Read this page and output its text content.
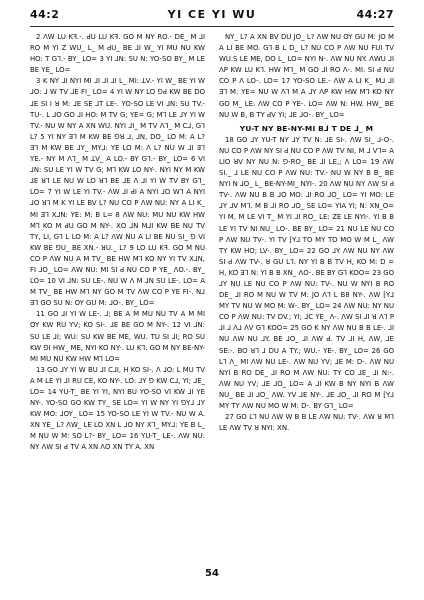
44:2	YI CE YI WU	44:27

2 ꓥW LU Kꟻ.-. ꓒU LU Kꟻ. GO M NY RO.- DE_ M ⅃I RO M YI Z WU_ L_ M ꓒU_ BE ⅃I W_ YI MU NU KW HO: T G⅂.- BY_ LO= 3 YI ⅃N: SU N: YO-SO BY_ M LE BE YE_ LO=

3 K NY ⅃I NYI MI ⅃I ⅃I ⅃I L_ MI: ꓕV.- YI W_ BE YI W ⅃O: ⅃ W TV ⅃E FI_ LO= 4 YI W NY LO ⅁ꓒ KW BE DO ⅃E SI I ꓤ M: ⅃E SE ⅃T LE-. YO-SO LE VI ⅃N: SU TV.- TU-. L ⅃O GO ⅃I HO: M TV G; YE= G; M⅂ LE ⅃Y YI W TV.- NU W NY A XN WU. NYI ⅃I_ M TV ꓥ⅂_ M C⅃, G⅂ L? 5 YI NY ꓱ⅂ M KW BE ⅁ꓤ ⅃, ⅃N, DO_ LO M: A L? ꓱ⅂ M KW BE ⅃Y_ MY⅃: YE LO M: ꓥ L? NU W ⅃I ꓱ⅂ YE.- NY M ꓥ⅂_ M ꓕV_ A LO.- BY G⅂.- BY_ LO= 6 VI ⅃N: SU LE YI W TV G; M⅂ KW LO NY-. NYI NY M KW ⅃E ꓤ⅂ LE NU W LO ꓤ⅂ BE ⅃E ꓥ ⅃I YI W TV BY G⅂_ LO= 7 YI W LE YI TV.- ꓥW ⅃I ꓒI A NYI ⅃O W⅂ A NYI ⅃O ꓤ⅂ M K YI LE BV L? NU CO P ꓥW NU: NY A LI K_ MI ꓱ⅂ X⅃N: YE: M: B L= 8 ꓥW NU: MU NU KW HW M⅂ KO M ꓒU GO M NY-. ꓫO ⅃N M⅃I KW BE NU TV TY, LI, G⅂ L LO M: A L? ꓥW NU A LI BE NU SI_ ⅁ VI KW BE ⅁U_ BE XN.- ꓤU._ L? 9 LO LU Kꟻ. GO M NU CO P ꓥW NU A M TV_ BE HW M⅂ KO NY YI TV X⅃N, FI ⅃O_ LO= ꓥW NU: MI SI ꓒ NU CO P YE_ ꓥO.-. BY_ LO= 10 VI ⅃N: SU LE-. NU W ꓥ M ⅃N SU LE-. LO= A M TV_ BE HW M⅂ NY GO M TV ꓥW CO P YE FI-. N⅃ ꓱ⅂ GO SU N: OY GU M: ⅃O-. BY_ LO=

11 GO ⅃I YI W LE-. ⅃; BE A M MU NU TV A M MI OY KW RU YV; KO SI-. ⅃E BE GO M NY-. 12 VI ⅃N: SU LE ⅃I; WU: SU KW BE ME, WU. TU SI ⅃I; RO SU KW ⅁I HW_ ME, NYI KO NY-. LU K⅂. GO M NY BE-NY-MI MU NU KW HW M⅂ LO=

13 GO ⅃Y YI W BU ⅃I C⅃I, H KO SI-. ꓥ ⅃O: L MU TV A M LE YI ⅃I RU CE, KO NY-. LO: ⅃Y ⅁ KW C⅃, YI; ⅃E_ LO= 14 YU-T_ BE YI YI, NYI BU YO-SO VI KW ⅃I YE NY-. YO-SO GO KW TY_ SE LO= YI W NY YI ⅁Y⅃ ⅃Y KW MO: ⅃OY_ LO= 15 YO-SO LE YI W TV.- NU W A. XN YE_ L? ꓥW_ LE LO XN L ⅃O NY X⅂_ MY⅃: YE B L_ M NU W M: SO L?- BY_ LO= 16 YU-T_ LE-. ꓥW NU: NY ꓥW SI ꓒ TV A XN ꓥO XN TY A. XN

NY_ L? A XN BV DU JO_ L? ꓥW NU OY GU M: JO M A LI BE MO. G⅂ B L D_ L? NU CO P ꓥW NU FUI TV WU.S LE ME, DO L_ LO= NYI N-. ꓥW NU NY. ꓥWU ⅃I ꓥP KW LU K⅂. HW M⅂_ M GO ⅃I RO ꓥ-. MI. SI ꓒ NU CO P ꓥ LO-. LO= 17 YO-SO LE.- ꓥW A LI K_ M⅃ ⅃I ꓱ⅂ M: YE= NU W ꓥ⅂ M A ⅃Y ꓥP KW HW M⅂ KO NY GO M_ LE: ꓥW CO P YE-. LO= ꓥW N: HW. HW_ BE NU W B, B TY ꓒV YI; ⅃E ⅃O-. BY_ LO=

YU-T NY BE-NY-MI B⅃ T DE ⅃_ M

18 GO ⅃Y YU-T NY ⅃Y TV N: ⅃E SI-. ꓥW SI_ ⅃-O-. NU CO P ꓥW NY SI ꓒ NU CO P ꓥW TV NI, M ⅃ V⅂= A LIO ꓤV NY NU N: ⅁-RO_ BE ⅃I LE,; ꓥ LO= 19 ꓥW SI._ ⅃ LE NU CO P ꓥW NU: TV.- NU W NY B B_ BE NYI N ⅃O_ L_ BE-NY-MI_ NYI-. 20 ꓥW NU NY ꓥW SI ꓒ TV-. ꓥW NU B B ⅃O MO: ⅃I RO ⅃O_ LO= YI MO: LE ⅃Y ⅃V M⅂. M B ⅃I RO ⅃O_ SE LO= YIA YI; N: XN_O= YI M, M LE VI T_ M YI ⅃I RO_ LE: ZE LE NYI-. YI B B LE YI TV NI NU_ LO-. BE BY_ LO= 21 NU LE NU CO P ꓥW NU TV-. YI TV ⁅Y⅃ TO MY TO MO W M L_ ꓥW TY KW HO; LV-. BY_ LO= 22 GO ⅃Y ꓥW NU NY ꓥW SI ꓒ ꓥW TV-. ꓤ GU L⅂. NY YI B B TV H, KO M: D = H, KO ꓱ⅂ N: YI B B XN_ ꓥO-. BE BY G⅂ KOO= 23 GO ⅃Y NU LE NU CO P ꓥW NU: TV-. NU W NYI B RO DE_ ⅃I RO M NU W TV M: JO ꓥ⅂ L B8 NY-. ꓥW ⁅Y⅃ MY TV NU W MO M: W-. BY_ LO= 24 ꓥW NU: NY NU CO P ꓥW NU: TV DV.; YI; ⅃C YE_ ꓥ-. ꓥW SI ⅃I ꓤ ꓥ⅂ P ⅃I ⅃ ꓥ⅃ ꓥV G⅂ KOO= 25 GO K NY ꓥW NU B B LE-. ⅃I NU ꓥW NU ⅃Y. BE ⅃O_ ⅃I ꓥW ꓒ. TV ⅃I H, ꓥW, ⅃E SE:-. BO ꓤ⅂ ⅃ DU A TY.; WU.- YE-. BY_ LO= 26 GO L⅂ ꓥ_ MI ꓥW NU LE-. ꓥW NU YV; ⅃E M: D-. ꓥW NU NYI B RO DE_ ⅃I RO M ꓥW NU: TY CO ⅃E_ ⅃I N:-. ꓥW NU YV; ⅃E ⅃O_ LO= A ⅃I KW B NY NYI B ꓥW NU_ BE ⅃I ⅃O_ ꓥW. YV ⅃E NY-. ⅃E ⅃O_ ⅃I RO M ⁅Y⅃ MY TY ꓥW NU MO W M: D-. BY G⅂_ LO=

27 GO L⅂ NU ꓥW W B B LE ꓥW NU: TV-. ꓥW ꓤ M⅂ LE ꓥW TV ꓤ NYI: XN.

54
